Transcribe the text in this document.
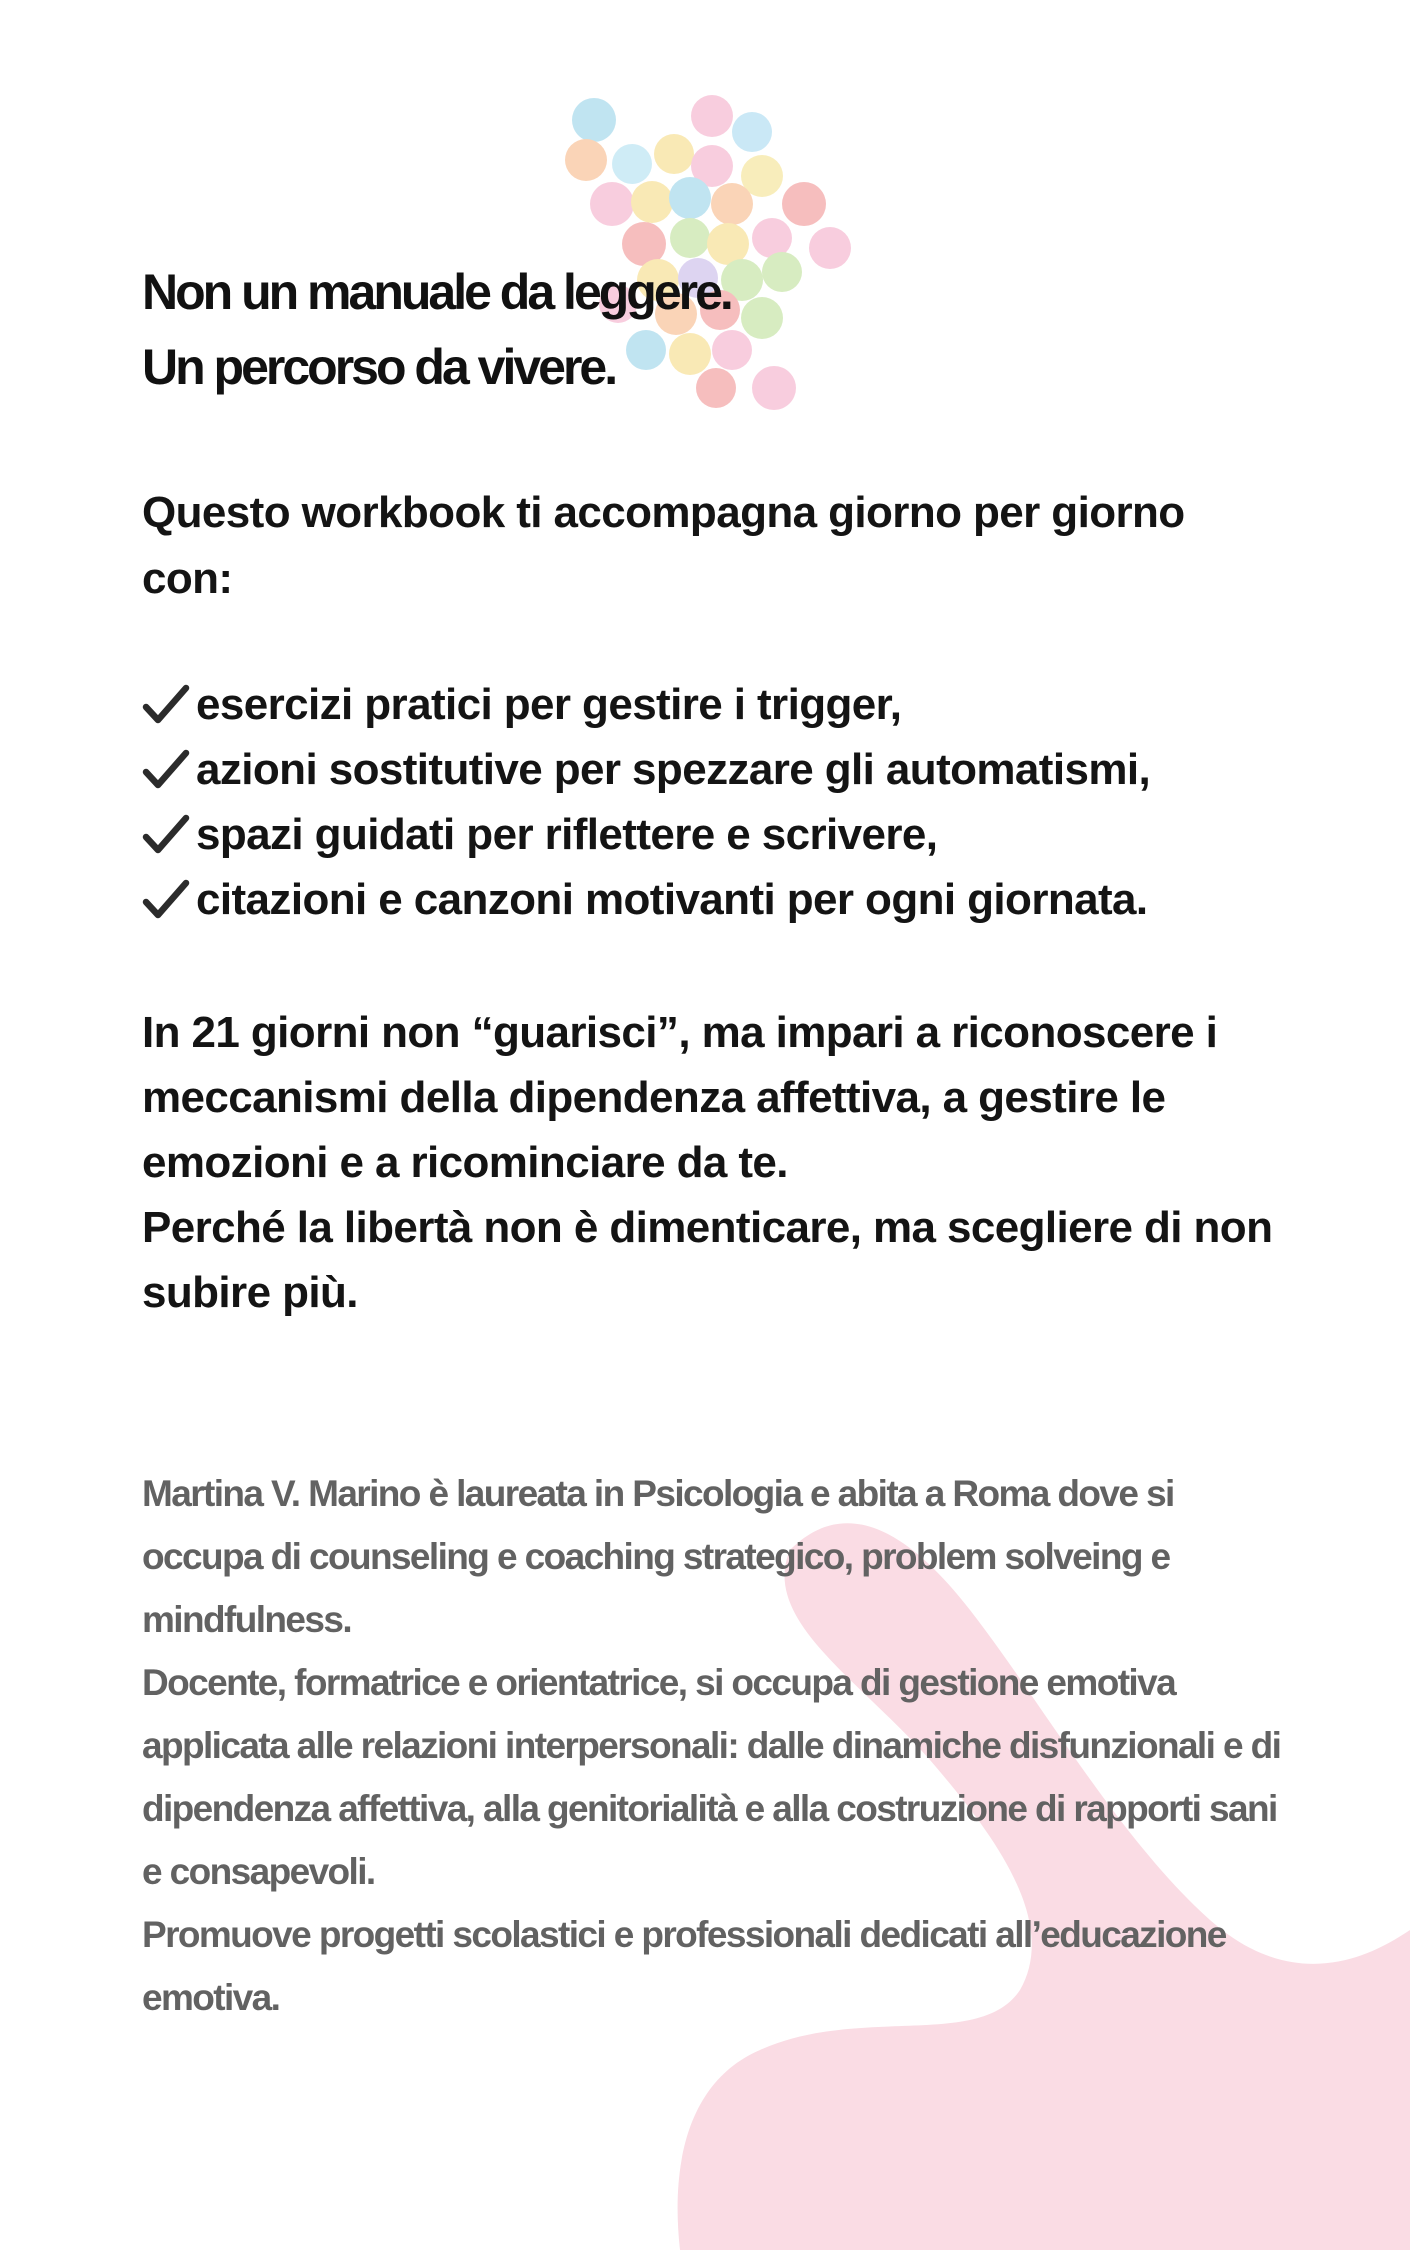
Non un manuale da leggere.
Un percorso da vivere.
Questo workbook ti accompagna giorno per giorno con:
esercizi pratici per gestire i trigger,
azioni sostitutive per spezzare gli automatismi,
spazi guidati per riflettere e scrivere,
citazioni e canzoni motivanti per ogni giornata.

In 21 giorni non “guarisci”, ma impari a riconoscere i meccanismi della dipendenza affettiva, a gestire le emozioni e a ricominciare da te.

Perché la libertà non è dimenticare, ma scegliere di non subire più.

Martina V. Marino è laureata in Psicologia e abita a Roma dove si occupa di counseling e coaching strategico, problem solveing e mindfulness.

Docente, formatrice e orientatrice, si occupa di gestione emotiva applicata alle relazioni interpersonali: dalle dinamiche disfunzionali e di dipendenza affettiva, alla genitorialità e alla costruzione di rapporti sani e consapevoli.

Promuove progetti scolastici e professionali dedicati all’educazione emotiva.
